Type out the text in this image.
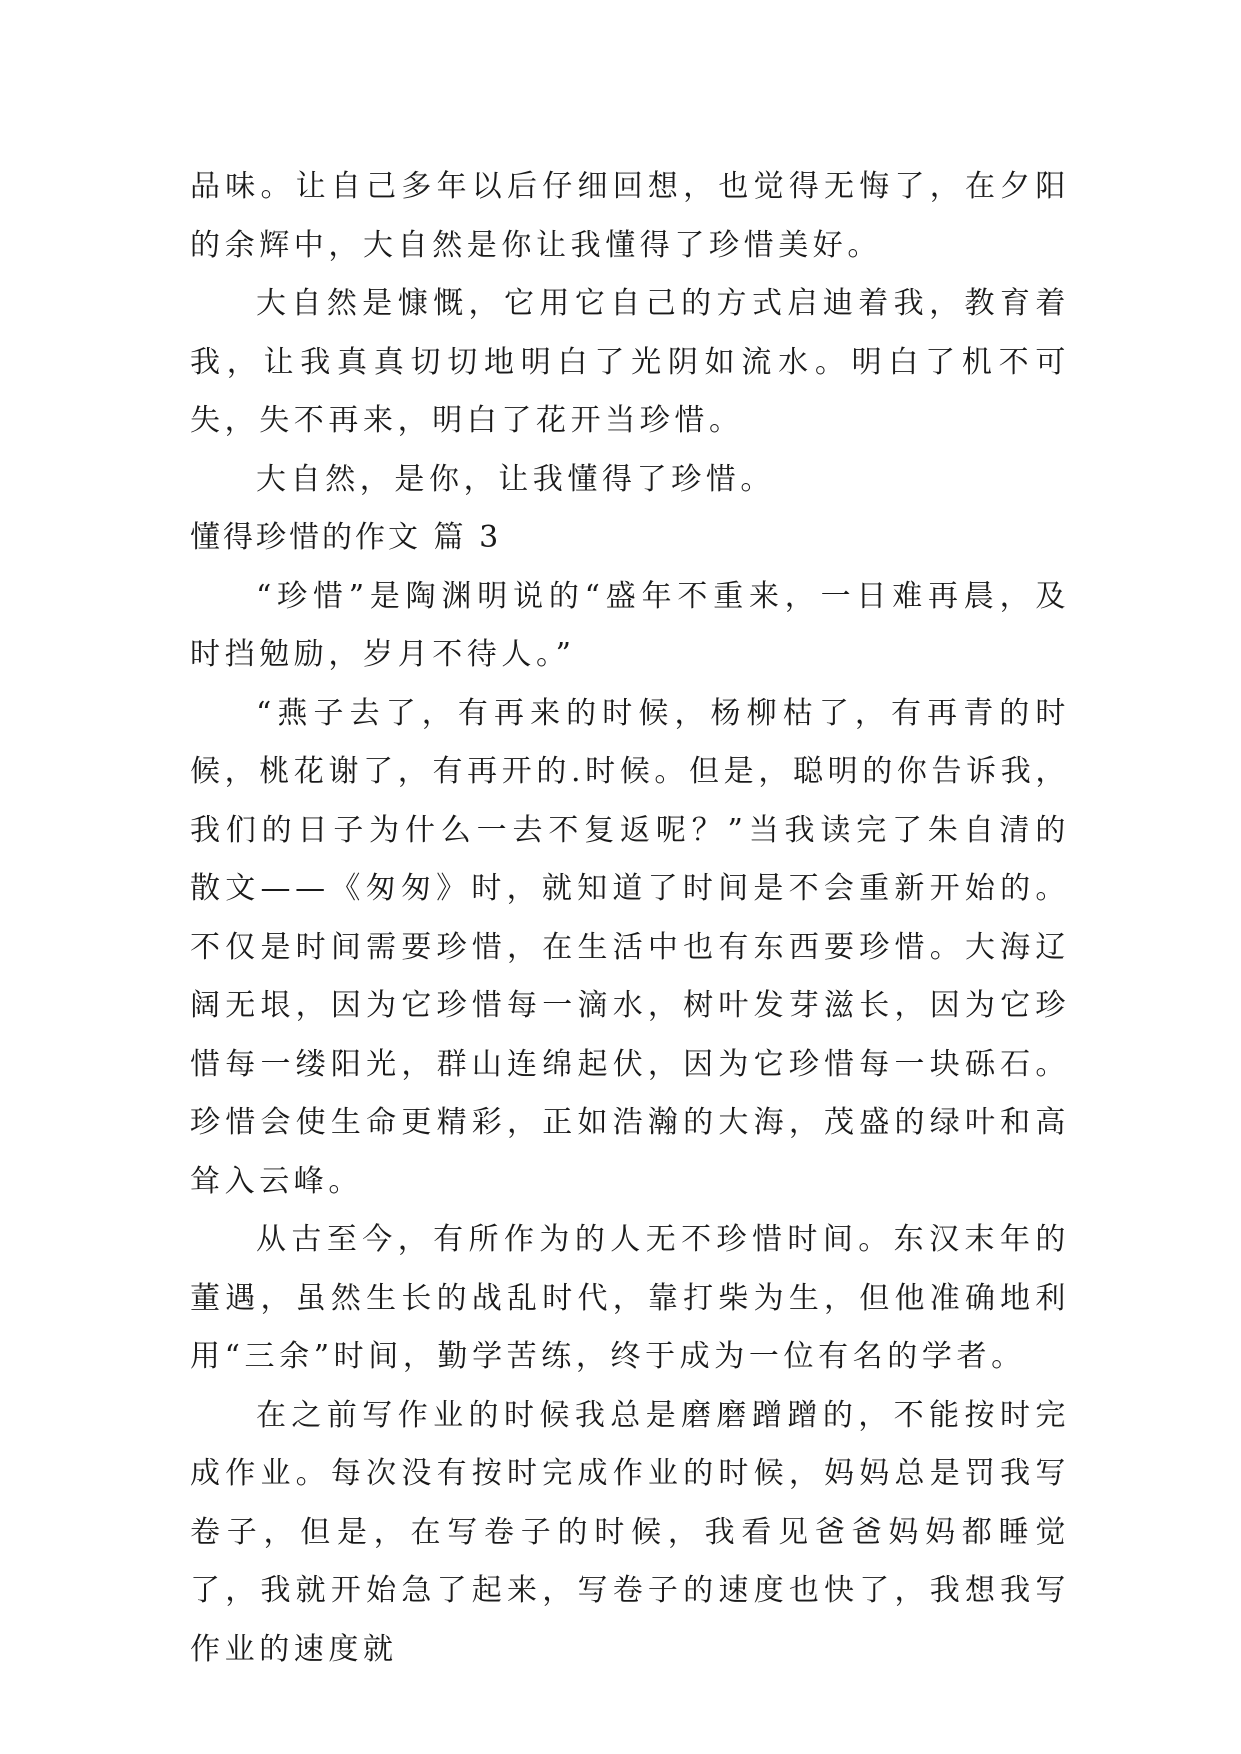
品味。让自己多年以后仔细回想，也觉得无悔了，在夕阳的余辉中，大自然是你让我懂得了珍惜美好。

大自然是慷慨，它用它自己的方式启迪着我，教育着我，让我真真切切地明白了光阴如流水。明白了机不可失，失不再来，明白了花开当珍惜。

大自然，是你，让我懂得了珍惜。

懂得珍惜的作文 篇 3

“珍惜”是陶渊明说的“盛年不重来，一日难再晨，及时挡勉励，岁月不待人。”

“燕子去了，有再来的时候，杨柳枯了，有再青的时候，桃花谢了，有再开的.时候。但是，聪明的你告诉我，我们的日子为什么一去不复返呢？”当我读完了朱自清的散文——《匆匆》时，就知道了时间是不会重新开始的。不仅是时间需要珍惜，在生活中也有东西要珍惜。大海辽阔无垠，因为它珍惜每一滴水，树叶发芽滋长，因为它珍惜每一缕阳光，群山连绵起伏，因为它珍惜每一块砾石。珍惜会使生命更精彩，正如浩瀚的大海，茂盛的绿叶和高耸入云峰。

从古至今，有所作为的人无不珍惜时间。东汉末年的董遇，虽然生长的战乱时代，靠打柴为生，但他准确地利用“三余”时间，勤学苦练，终于成为一位有名的学者。

在之前写作业的时候我总是磨磨蹭蹭的，不能按时完成作业。每次没有按时完成作业的时候，妈妈总是罚我写卷子，但是，在写卷子的时候，我看见爸爸妈妈都睡觉了，我就开始急了起来，写卷子的速度也快了，我想我写作业的速度就
